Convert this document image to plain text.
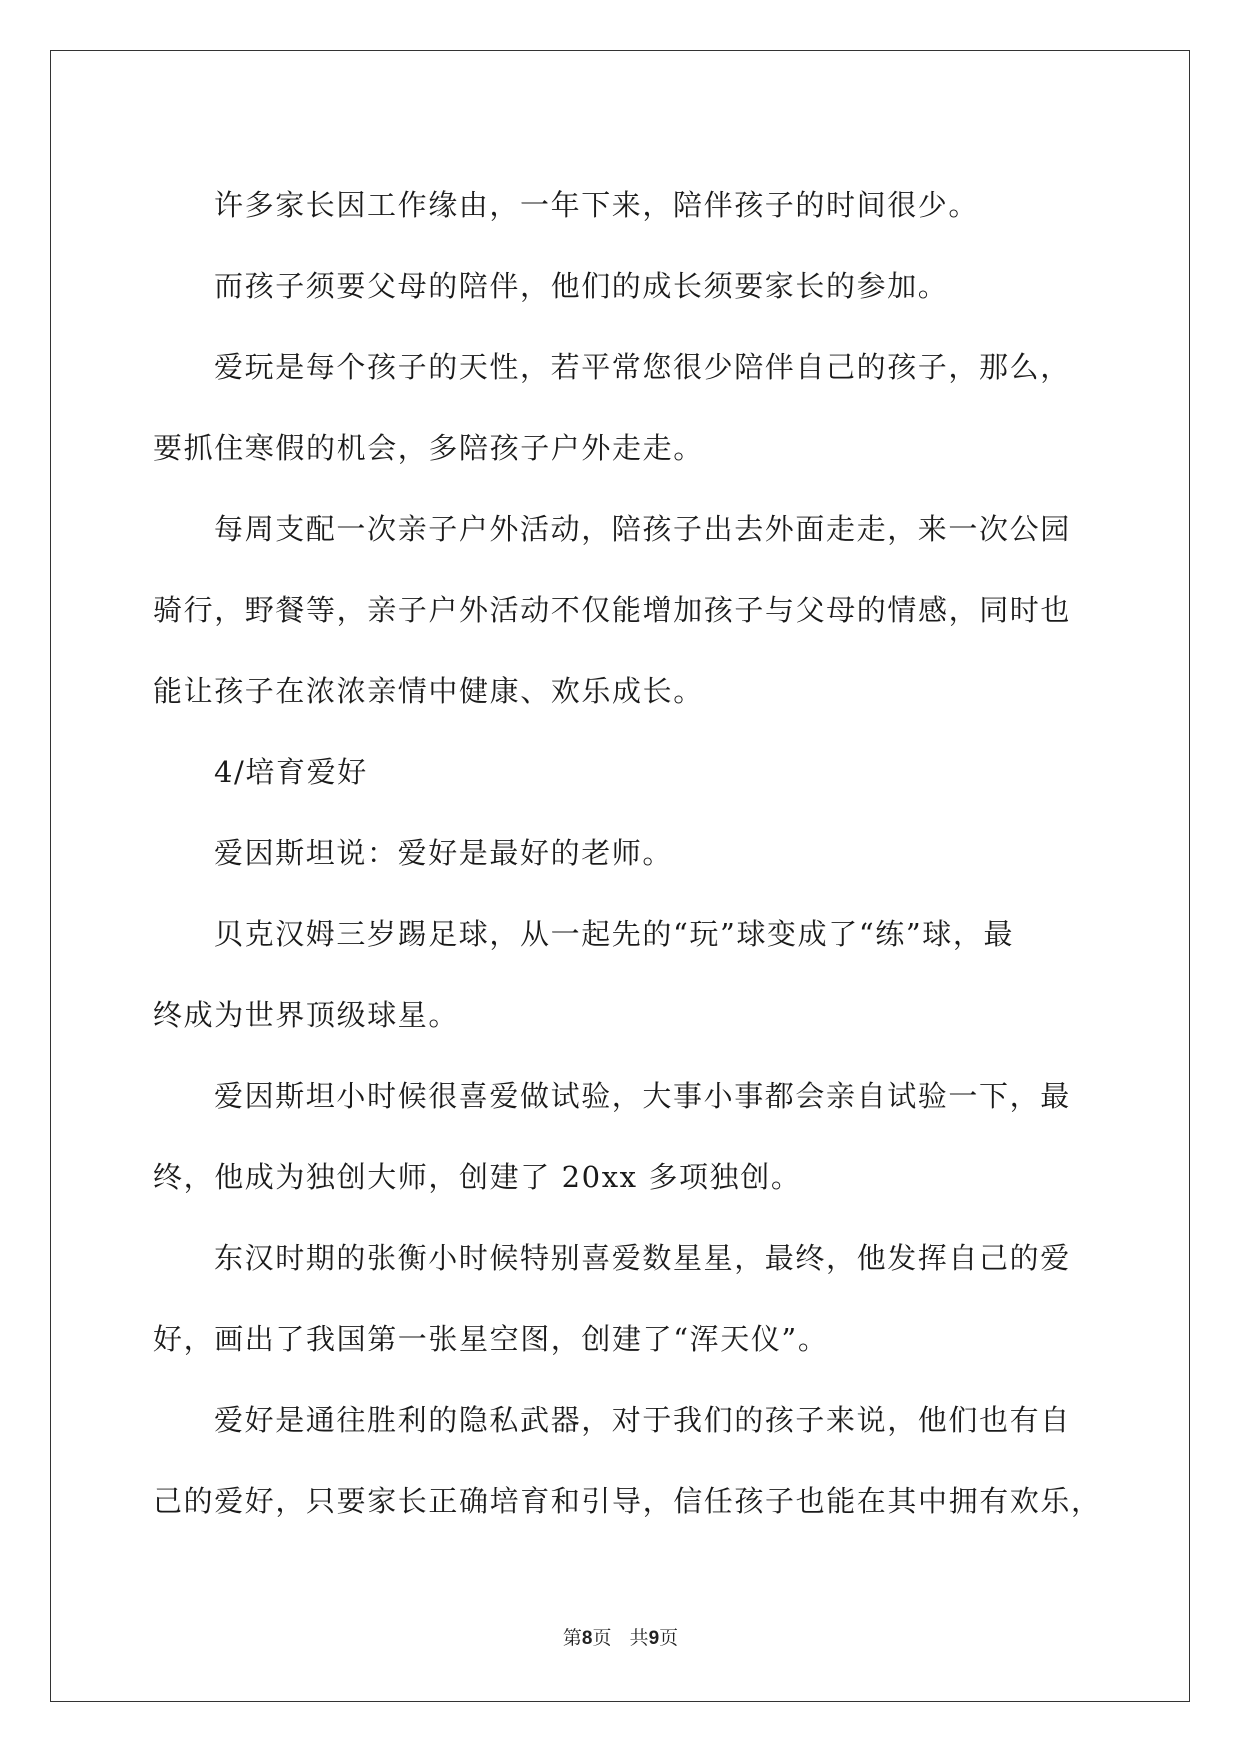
许多家长因工作缘由，一年下来，陪伴孩子的时间很少。

而孩子须要父母的陪伴，他们的成长须要家长的参加。

爱玩是每个孩子的天性，若平常您很少陪伴自己的孩子，那么，

要抓住寒假的机会，多陪孩子户外走走。

每周支配一次亲子户外活动，陪孩子出去外面走走，来一次公园

骑行，野餐等，亲子户外活动不仅能增加孩子与父母的情感，同时也

能让孩子在浓浓亲情中健康、欢乐成长。

4/培育爱好

爱因斯坦说：爱好是最好的老师。

贝克汉姆三岁踢足球，从一起先的“玩”球变成了“练”球，最

终成为世界顶级球星。

爱因斯坦小时候很喜爱做试验，大事小事都会亲自试验一下，最

终，他成为独创大师，创建了 20xx 多项独创。

东汉时期的张衡小时候特别喜爱数星星，最终，他发挥自己的爱

好，画出了我国第一张星空图，创建了“浑天仪”。

爱好是通往胜利的隐私武器，对于我们的孩子来说，他们也有自

己的爱好，只要家长正确培育和引导，信任孩子也能在其中拥有欢乐，

第8页   共9页
